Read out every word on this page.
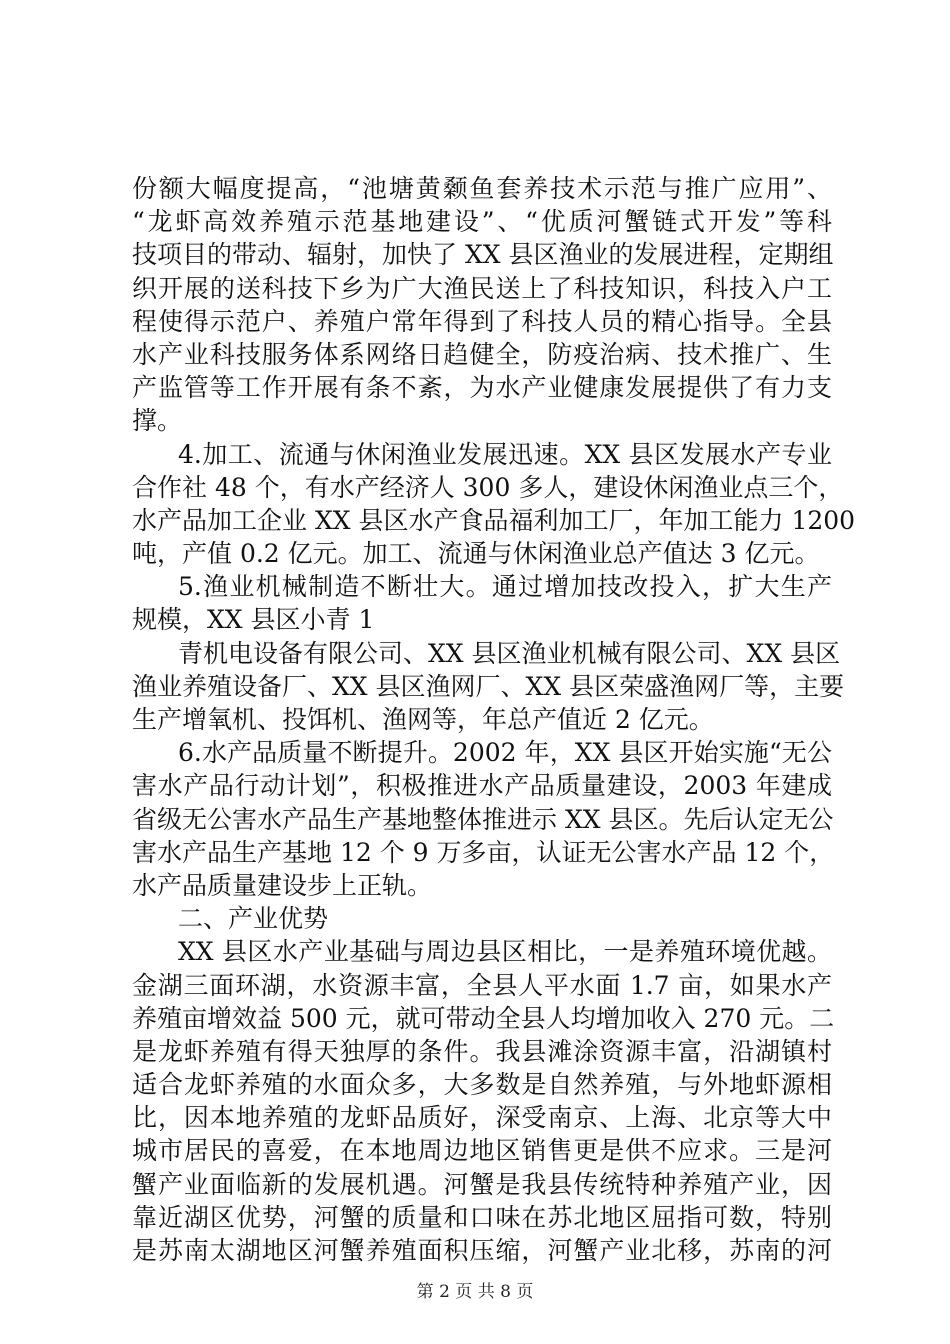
份额大幅度提高，“池塘黄颡鱼套养技术示范与推广应用”、
“龙虾高效养殖示范基地建设”、“优质河蟹链式开发”等科
技项目的带动、辐射，加快了 XX 县区渔业的发展进程，定期组
织开展的送科技下乡为广大渔民送上了科技知识，科技入户工
程使得示范户、养殖户常年得到了科技人员的精心指导。全县
水产业科技服务体系网络日趋健全，防疫治病、技术推广、生
产监管等工作开展有条不紊，为水产业健康发展提供了有力支
撑。
4.加工、流通与休闲渔业发展迅速。XX 县区发展水产专业
合作社 48 个，有水产经济人 300 多人，建设休闲渔业点三个，
水产品加工企业 XX 县区水产食品福利加工厂，年加工能力 1200
吨，产值 0.2 亿元。加工、流通与休闲渔业总产值达 3 亿元。
5.渔业机械制造不断壮大。通过增加技改投入，扩大生产
规模，XX 县区小青 1
青机电设备有限公司、XX 县区渔业机械有限公司、XX 县区
渔业养殖设备厂、XX 县区渔网厂、XX 县区荣盛渔网厂等，主要
生产增氧机、投饵机、渔网等，年总产值近 2 亿元。
6.水产品质量不断提升。2002 年，XX 县区开始实施“无公
害水产品行动计划”，积极推进水产品质量建设，2003 年建成
省级无公害水产品生产基地整体推进示 XX 县区。先后认定无公
害水产品生产基地 12 个 9 万多亩，认证无公害水产品 12 个，
水产品质量建设步上正轨。
二、产业优势
XX 县区水产业基础与周边县区相比，一是养殖环境优越。
金湖三面环湖，水资源丰富，全县人平水面 1.7 亩，如果水产
养殖亩增效益 500 元，就可带动全县人均增加收入 270 元。二
是龙虾养殖有得天独厚的条件。我县滩涂资源丰富，沿湖镇村
适合龙虾养殖的水面众多，大多数是自然养殖，与外地虾源相
比，因本地养殖的龙虾品质好，深受南京、上海、北京等大中
城市居民的喜爱，在本地周边地区销售更是供不应求。三是河
蟹产业面临新的发展机遇。河蟹是我县传统特种养殖产业，因
靠近湖区优势，河蟹的质量和口味在苏北地区屈指可数，特别
是苏南太湖地区河蟹养殖面积压缩，河蟹产业北移，苏南的河
第 2 页 共 8 页
